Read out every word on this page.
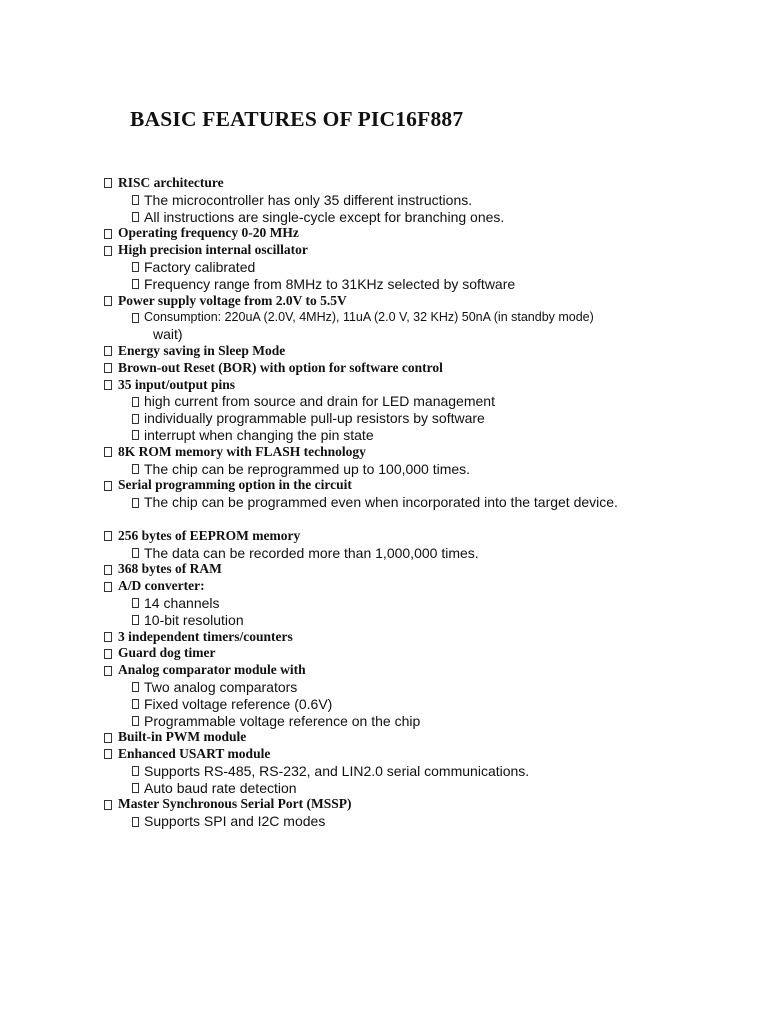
BASIC FEATURES OF PIC16F887
RISC architecture
The microcontroller has only 35 different instructions.
All instructions are single-cycle except for branching ones.
Operating frequency 0-20 MHz
High precision internal oscillator
Factory calibrated
Frequency range from 8MHz to 31KHz selected by software
Power supply voltage from 2.0V to 5.5V
Consumption: 220uA (2.0V, 4MHz), 11uA (2.0 V, 32 KHz) 50nA (in standby mode)
wait)
Energy saving in Sleep Mode
Brown-out Reset (BOR) with option for software control
35 input/output pins
high current from source and drain for LED management
individually programmable pull-up resistors by software
interrupt when changing the pin state
8K ROM memory with FLASH technology
The chip can be reprogrammed up to 100,000 times.
Serial programming option in the circuit
The chip can be programmed even when incorporated into the target device.
256 bytes of EEPROM memory
The data can be recorded more than 1,000,000 times.
368 bytes of RAM
A/D converter:
14 channels
10-bit resolution
3 independent timers/counters
Guard dog timer
Analog comparator module with
Two analog comparators
Fixed voltage reference (0.6V)
Programmable voltage reference on the chip
Built-in PWM module
Enhanced USART module
Supports RS-485, RS-232, and LIN2.0 serial communications.
Auto baud rate detection
Master Synchronous Serial Port (MSSP)
Supports SPI and I2C modes
